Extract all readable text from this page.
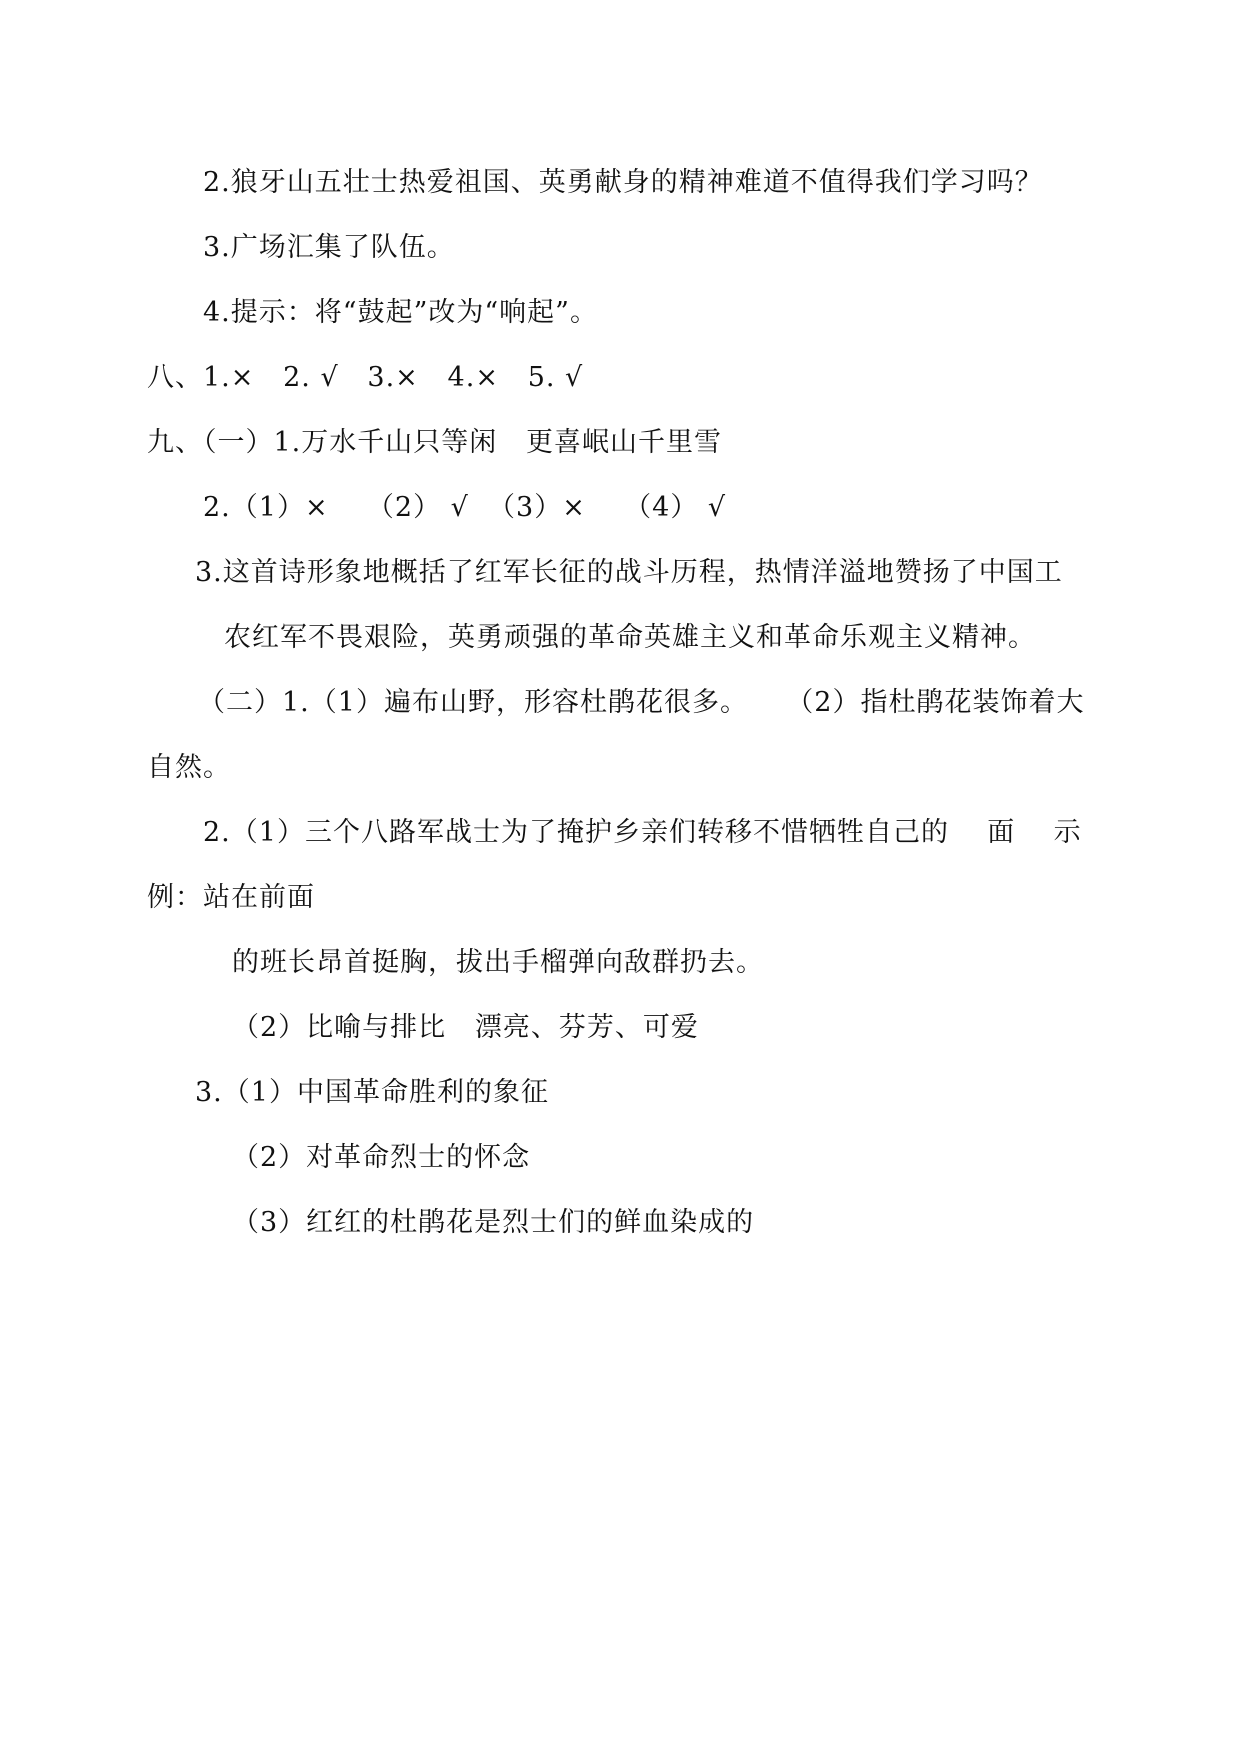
2.狼牙山五壮士热爱祖国、英勇献身的精神难道不值得我们学习吗？
3.广场汇集了队伍。
4.提示：将“鼓起”改为“响起”。
八、1.×   2. √   3.×   4.×   5. √
九、（一）1.万水千山只等闲   更喜岷山千里雪
2.（1）×    （2） √  （3）×    （4） √
3.这首诗形象地概括了红军长征的战斗历程，热情洋溢地赞扬了中国工
农红军不畏艰险，英勇顽强的革命英雄主义和革命乐观主义精神。
（二）1.（1）遍布山野，形容杜鹃花很多。    （2）指杜鹃花装饰着大
自然。
2.（1）三个八路军战士为了掩护乡亲们转移不惜牺牲自己的    面    示
例：站在前面
的班长昂首挺胸，拔出手榴弹向敌群扔去。
（2）比喻与排比   漂亮、芬芳、可爱
3.（1）中国革命胜利的象征
（2）对革命烈士的怀念
（3）红红的杜鹃花是烈士们的鲜血染成的
